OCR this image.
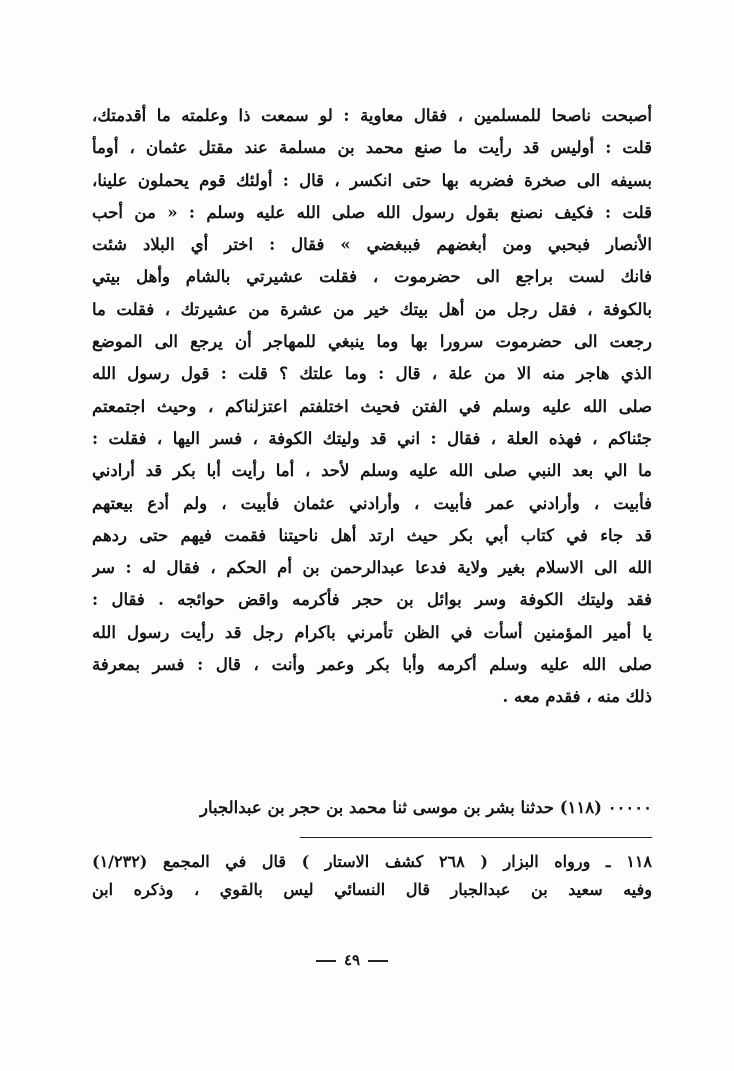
أصبحت ناصحا للمسلمين ، فقال معاوية : لو سمعت ذا وعلمته ما أقدمتك،
قلت : أوليس قد رأيت ما صنع محمد بن مسلمة عند مقتل عثمان ، أومأ
بسيفه الى صخرة فضربه بها حتى انكسر ، قال : أولئك قوم يحملون علينا،
قلت : فكيف نصنع بقول رسول الله صلى الله عليه وسلم : « من أحب
الأنصار فبحبي ومن أبغضهم فببغضي » فقال : اختر أي البلاد شئت
فانك لست براجع الى حضرموت ، فقلت عشيرتي بالشام وأهل بيتي
بالكوفة ، فقل رجل من أهل بيتك خير من عشرة من عشيرتك ، فقلت ما
رجعت الى حضرموت سرورا بها وما ينبغي للمهاجر أن يرجع الى الموضع
الذي هاجر منه الا من علة ، قال : وما علتك ؟ قلت : قول رسول الله
صلى الله عليه وسلم في الفتن فحيث اختلفتم اعتزلناكم ، وحيث اجتمعتم
جئناكم ، فهذه العلة ، فقال : اني قد وليتك الكوفة ، فسر اليها ، فقلت :
ما الي بعد النبي صلى الله عليه وسلم لأحد ، أما رأيت أبا بكر قد أرادني
فأبيت ، وأرادني عمر فأبيت ، وأرادني عثمان فأبيت ، ولم أدع بيعتهم
قد جاء في كتاب أبي بكر حيث ارتد أهل ناحيتنا فقمت فيهم حتى ردهم
الله الى الاسلام بغير ولاية فدعا عبدالرحمن بن أم الحكم ، فقال له : سر
فقد وليتك الكوفة وسر بوائل بن حجر فأكرمه واقض حوائجه . فقال :
يا أمير المؤمنين أسأت في الظن تأمرني باكرام رجل قد رأيت رسول الله
صلى الله عليه وسلم أكرمه وأبا بكر وعمر وأنت ، قال : فسر بمعرفة
ذلك منه ، فقدم معه .
٠٠٠٠٠ (١١٨) حدثنا بشر بن موسى ثنا محمد بن حجر بن عبدالجبار
١١٨ ـ ورواه البزار ( ٢٦٨ كشف الاستار ) قال في المجمع (١/٢٣٢)
وفيه سعيد بن عبدالجبار قال النسائي ليس بالقوي ، وذكره ابن
٤٩
